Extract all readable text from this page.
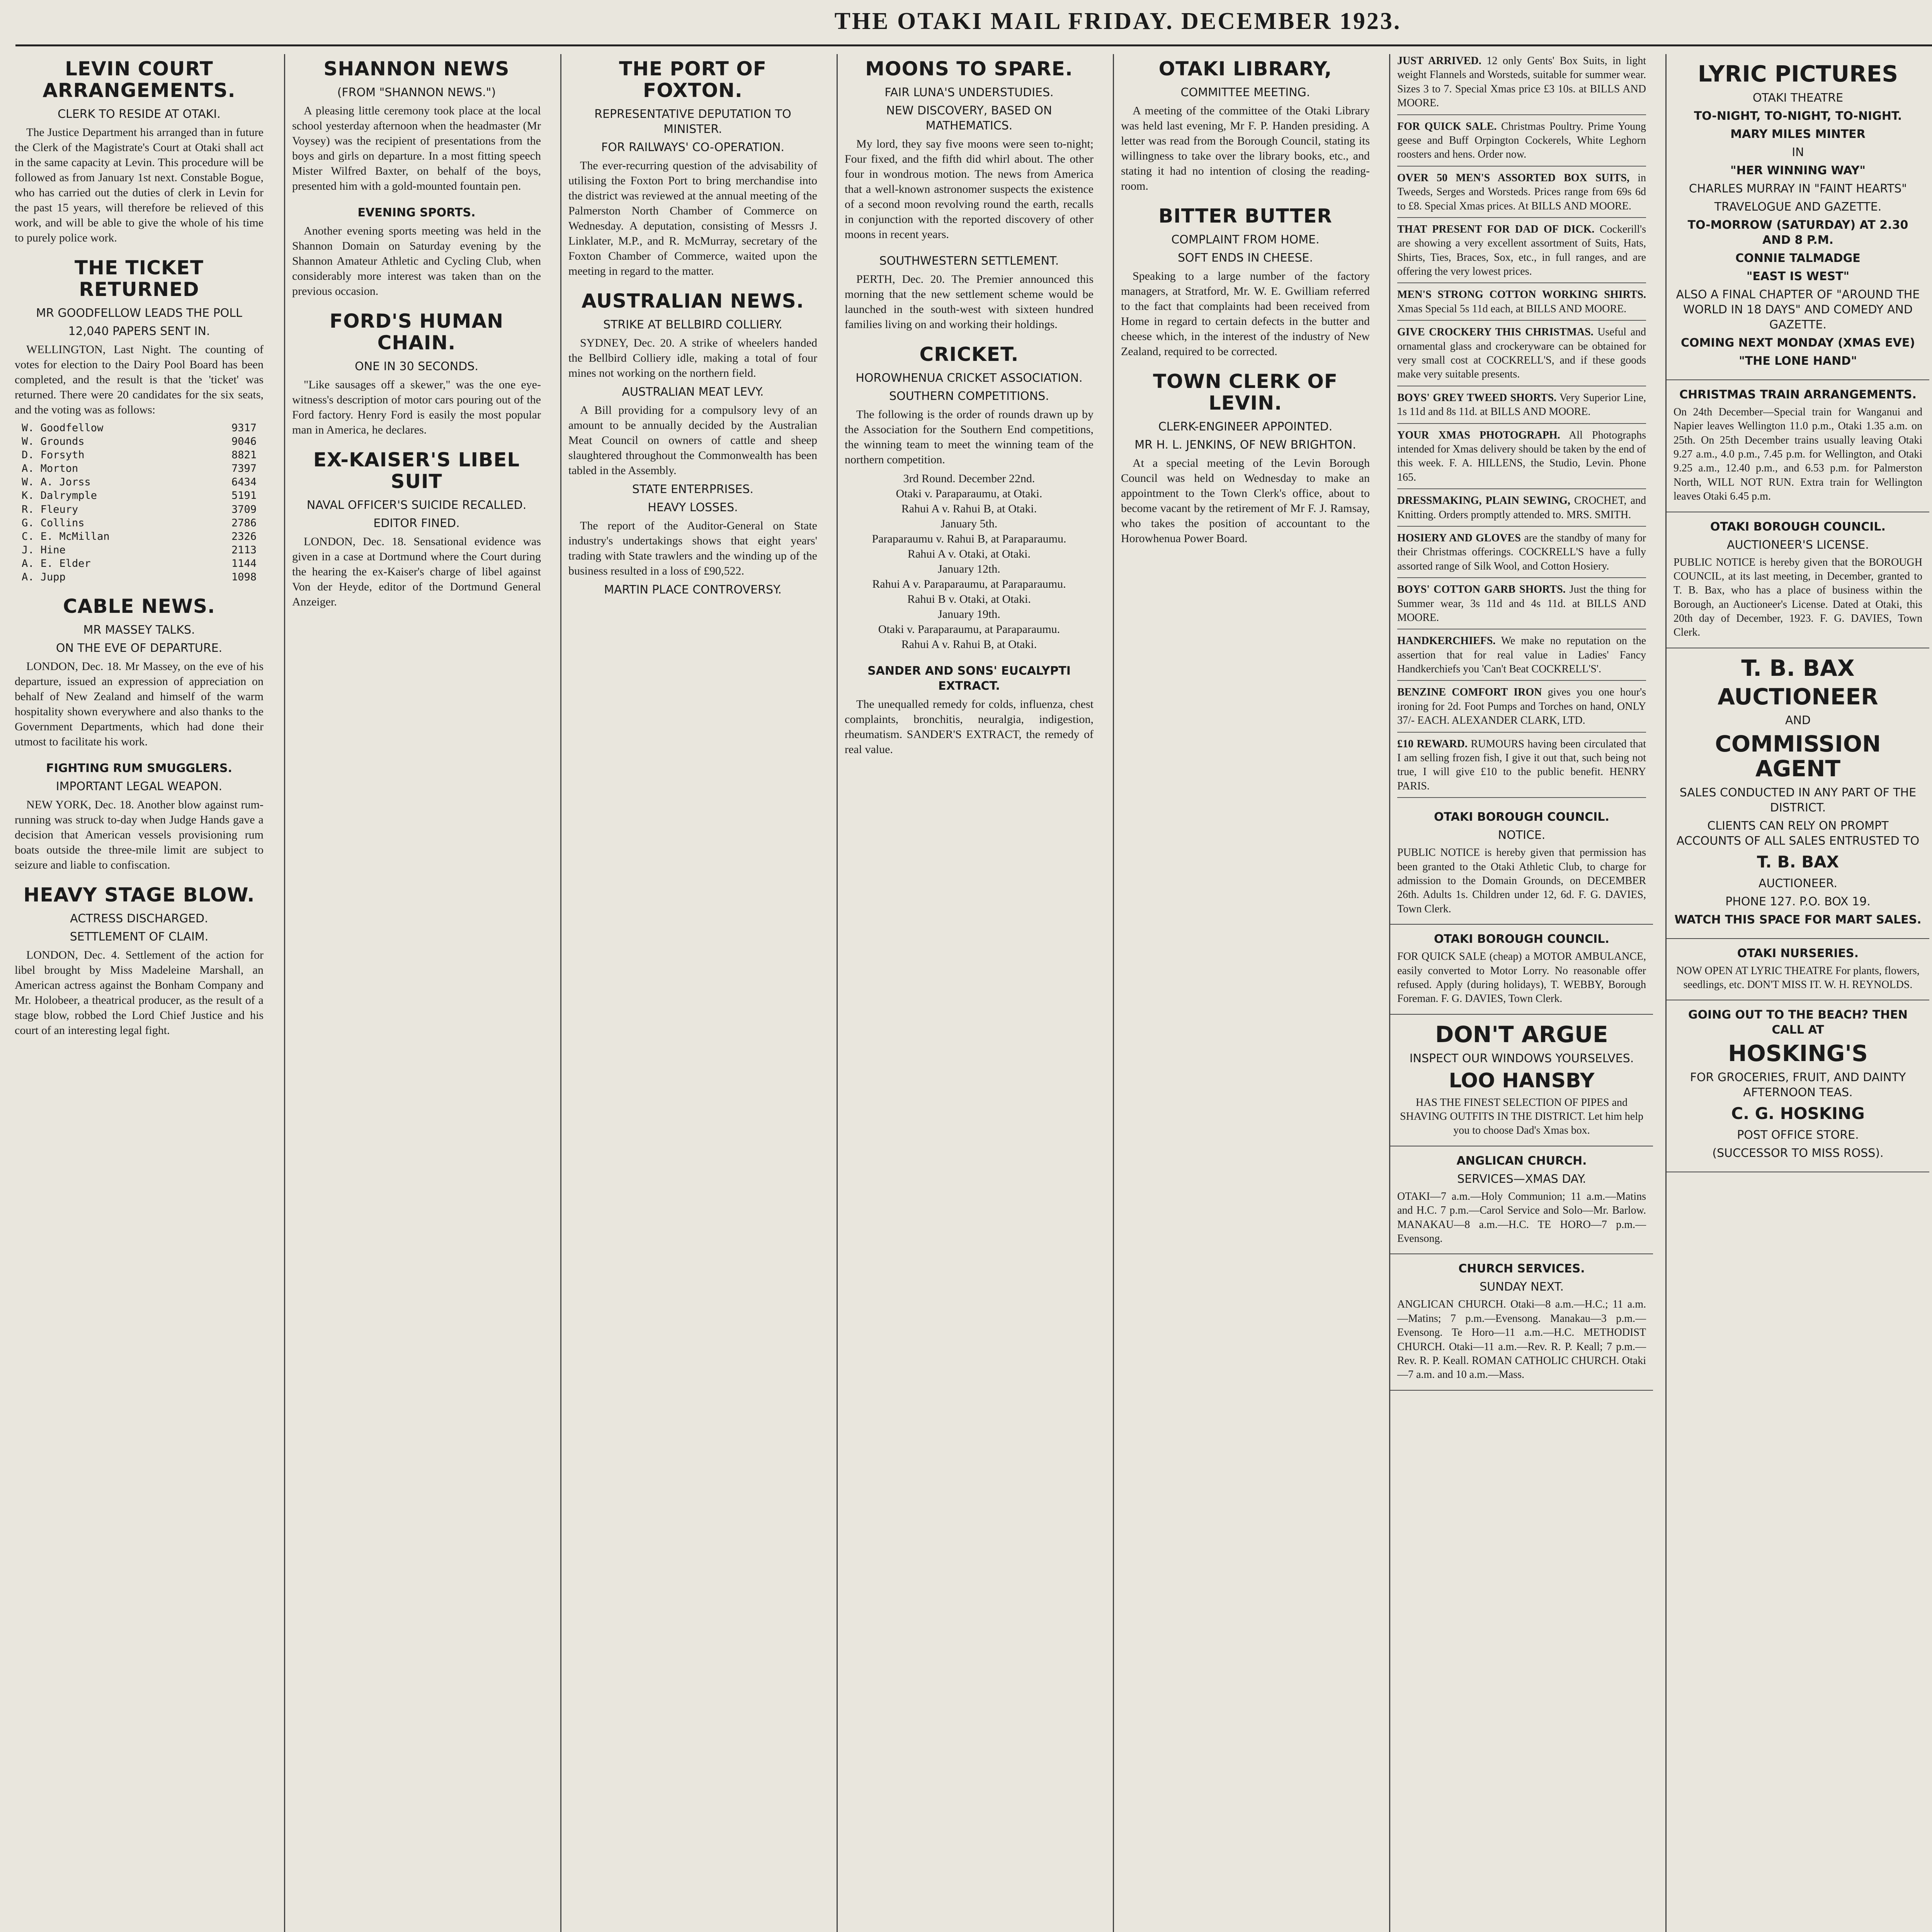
THE OTAKI MAIL FRIDAY. DECEMBER 1923.
LEVIN COURT ARRANGEMENTS.
CLERK TO RESIDE AT OTAKI.

The Justice Department his arranged than in future the Clerk of the Magistrate's Court at Otaki shall act in the same capacity at Levin. This procedure will be followed as from January 1st next. Constable Bogue, who has carried out the duties of clerk in Levin for the past 15 years, will therefore be relieved of this work, and will be able to give the whole of his time to purely police work.

THE TICKET RETURNED
MR GOODFELLOW LEADS THE POLL
12,040 PAPERS SENT IN.

WELLINGTON, Last Night. The counting of votes for election to the Dairy Pool Board has been completed, and the result is that the 'ticket' was returned. There were 20 candidates for the six seats, and the voting was as follows:

W. Goodfellow	9317
W. Grounds	9046
D. Forsyth	8821
A. Morton	7397
W. A. Jorss	6434
K. Dalrymple	5191
R. Fleury	3709
G. Collins	2786
C. E. McMillan	2326
J. Hine	2113
A. E. Elder	1144
A. Jupp	1098
CABLE NEWS.
MR MASSEY TALKS.
ON THE EVE OF DEPARTURE.

LONDON, Dec. 18. Mr Massey, on the eve of his departure, issued an expression of appreciation on behalf of New Zealand and himself of the warm hospitality shown everywhere and also thanks to the Government Departments, which had done their utmost to facilitate his work.

FIGHTING RUM SMUGGLERS.
IMPORTANT LEGAL WEAPON.

NEW YORK, Dec. 18. Another blow against rum-running was struck to-day when Judge Hands gave a decision that American vessels provisioning rum boats outside the three-mile limit are subject to seizure and liable to confiscation.

HEAVY STAGE BLOW.
ACTRESS DISCHARGED.
SETTLEMENT OF CLAIM.

LONDON, Dec. 4. Settlement of the action for libel brought by Miss Madeleine Marshall, an American actress against the Bonham Company and Mr. Holobeer, a theatrical producer, as the result of a stage blow, robbed the Lord Chief Justice and his court of an interesting legal fight.

SHANNON NEWS
(FROM "SHANNON NEWS.")

A pleasing little ceremony took place at the local school yesterday afternoon when the headmaster (Mr Voysey) was the recipient of presentations from the boys and girls on departure. In a most fitting speech Mister Wilfred Baxter, on behalf of the boys, presented him with a gold-mounted fountain pen.

EVENING SPORTS.

Another evening sports meeting was held in the Shannon Domain on Saturday evening by the Shannon Amateur Athletic and Cycling Club, when considerably more interest was taken than on the previous occasion.

FORD'S HUMAN CHAIN.
ONE IN 30 SECONDS.

"Like sausages off a skewer," was the one eye-witness's description of motor cars pouring out of the Ford factory. Henry Ford is easily the most popular man in America, he declares.

EX-KAISER'S LIBEL SUIT
NAVAL OFFICER'S SUICIDE RECALLED.
EDITOR FINED.

LONDON, Dec. 18. Sensational evidence was given in a case at Dortmund where the Court during the hearing the ex-Kaiser's charge of libel against Von der Heyde, editor of the Dortmund General Anzeiger.

THE PORT OF FOXTON.
REPRESENTATIVE DEPUTATION TO MINISTER.
FOR RAILWAYS' CO-OPERATION.

The ever-recurring question of the advisability of utilising the Foxton Port to bring merchandise into the district was reviewed at the annual meeting of the Palmerston North Chamber of Commerce on Wednesday. A deputation, consisting of Messrs J. Linklater, M.P., and R. McMurray, secretary of the Foxton Chamber of Commerce, waited upon the meeting in regard to the matter.

AUSTRALIAN NEWS.
STRIKE AT BELLBIRD COLLIERY.

SYDNEY, Dec. 20. A strike of wheelers handed the Bellbird Colliery idle, making a total of four mines not working on the northern field.

AUSTRALIAN MEAT LEVY.

A Bill providing for a compulsory levy of an amount to be annually decided by the Australian Meat Council on owners of cattle and sheep slaughtered throughout the Commonwealth has been tabled in the Assembly.

STATE ENTERPRISES.
HEAVY LOSSES.

The report of the Auditor-General on State industry's undertakings shows that eight years' trading with State trawlers and the winding up of the business resulted in a loss of £90,522.

MARTIN PLACE CONTROVERSY.
MOONS TO SPARE.
FAIR LUNA'S UNDERSTUDIES.
NEW DISCOVERY, BASED ON MATHEMATICS.

My lord, they say five moons were seen to-night; Four fixed, and the fifth did whirl about. The other four in wondrous motion. The news from America that a well-known astronomer suspects the existence of a second moon revolving round the earth, recalls in conjunction with the reported discovery of other moons in recent years.

SOUTHWESTERN SETTLEMENT.

PERTH, Dec. 20. The Premier announced this morning that the new settlement scheme would be launched in the south-west with sixteen hundred families living on and working their holdings.

CRICKET.
HOROWHENUA CRICKET ASSOCIATION.
SOUTHERN COMPETITIONS.

The following is the order of rounds drawn up by the Association for the Southern End competitions, the winning team to meet the winning team of the northern competition.

3rd Round. December 22nd.
Otaki v. Paraparaumu, at Otaki.
Rahui A v. Rahui B, at Otaki.
January 5th.
Paraparaumu v. Rahui B, at Paraparaumu.
Rahui A v. Otaki, at Otaki.
January 12th.
Rahui A v. Paraparaumu, at Paraparaumu.
Rahui B v. Otaki, at Otaki.
January 19th.
Otaki v. Paraparaumu, at Paraparaumu.
Rahui A v. Rahui B, at Otaki.
SANDER AND SONS' EUCALYPTI EXTRACT.

The unequalled remedy for colds, influenza, chest complaints, bronchitis, neuralgia, indigestion, rheumatism. SANDER'S EXTRACT, the remedy of real value.

OTAKI LIBRARY,
COMMITTEE MEETING.

A meeting of the committee of the Otaki Library was held last evening, Mr F. P. Handen presiding. A letter was read from the Borough Council, stating its willingness to take over the library books, etc., and stating it had no intention of closing the reading-room.

BITTER BUTTER
COMPLAINT FROM HOME.
SOFT ENDS IN CHEESE.

Speaking to a large number of the factory managers, at Stratford, Mr. W. E. Gwilliam referred to the fact that complaints had been received from Home in regard to certain defects in the butter and cheese which, in the interest of the industry of New Zealand, required to be corrected.

TOWN CLERK OF LEVIN.
CLERK-ENGINEER APPOINTED.
MR H. L. JENKINS, OF NEW BRIGHTON.

At a special meeting of the Levin Borough Council was held on Wednesday to make an appointment to the Town Clerk's office, about to become vacant by the retirement of Mr F. J. Ramsay, who takes the position of accountant to the Horowhenua Power Board.

JUST ARRIVED. 12 only Gents' Box Suits, in light weight Flannels and Worsteds, suitable for summer wear. Sizes 3 to 7. Special Xmas price £3 10s. at BILLS AND MOORE.

FOR QUICK SALE. Christmas Poultry. Prime Young geese and Buff Orpington Cockerels, White Leghorn roosters and hens. Order now.

OVER 50 MEN'S ASSORTED BOX SUITS, in Tweeds, Serges and Worsteds. Prices range from 69s 6d to £8. Special Xmas prices. At BILLS AND MOORE.

THAT PRESENT FOR DAD OF DICK. Cockerill's are showing a very excellent assortment of Suits, Hats, Shirts, Ties, Braces, Sox, etc., in full ranges, and are offering the very lowest prices.

MEN'S STRONG COTTON WORKING SHIRTS. Xmas Special 5s 11d each, at BILLS AND MOORE.

GIVE CROCKERY THIS CHRISTMAS. Useful and ornamental glass and crockeryware can be obtained for very small cost at COCKRELL'S, and if these goods make very suitable presents.

BOYS' GREY TWEED SHORTS. Very Superior Line, 1s 11d and 8s 11d. at BILLS AND MOORE.

YOUR XMAS PHOTOGRAPH. All Photographs intended for Xmas delivery should be taken by the end of this week. F. A. HILLENS, the Studio, Levin. Phone 165.

DRESSMAKING, PLAIN SEWING, CROCHET, and Knitting. Orders promptly attended to. MRS. SMITH.

HOSIERY AND GLOVES are the standby of many for their Christmas offerings. COCKRELL'S have a fully assorted range of Silk Wool, and Cotton Hosiery.

BOYS' COTTON GARB SHORTS. Just the thing for Summer wear, 3s 11d and 4s 11d. at BILLS AND MOORE.

HANDKERCHIEFS. We make no reputation on the assertion that for real value in Ladies' Fancy Handkerchiefs you 'Can't Beat COCKRELL'S'.

BENZINE COMFORT IRON gives you one hour's ironing for 2d. Foot Pumps and Torches on hand, ONLY 37/- EACH. ALEXANDER CLARK, LTD.

£10 REWARD. RUMOURS having been circulated that I am selling frozen fish, I give it out that, such being not true, I will give £10 to the public benefit. HENRY PARIS.

OTAKI BOROUGH COUNCIL.
NOTICE.
PUBLIC NOTICE is hereby given that permission has been granted to the Otaki Athletic Club, to charge for admission to the Domain Grounds, on DECEMBER 26th. Adults 1s. Children under 12, 6d. F. G. DAVIES, Town Clerk.
OTAKI BOROUGH COUNCIL.
FOR QUICK SALE (cheap) a MOTOR AMBULANCE, easily converted to Motor Lorry. No reasonable offer refused. Apply (during holidays), T. WEBBY, Borough Foreman. F. G. DAVIES, Town Clerk.
DON'T ARGUE
INSPECT OUR WINDOWS YOURSELVES.
LOO HANSBY
HAS THE FINEST SELECTION OF PIPES and SHAVING OUTFITS IN THE DISTRICT. Let him help you to choose Dad's Xmas box.
ANGLICAN CHURCH.
SERVICES—XMAS DAY.
OTAKI—7 a.m.—Holy Communion; 11 a.m.—Matins and H.C. 7 p.m.—Carol Service and Solo—Mr. Barlow. MANAKAU—8 a.m.—H.C. TE HORO—7 p.m.—Evensong.
CHURCH SERVICES.
SUNDAY NEXT.
ANGLICAN CHURCH. Otaki—8 a.m.—H.C.; 11 a.m.—Matins; 7 p.m.—Evensong. Manakau—3 p.m.—Evensong. Te Horo—11 a.m.—H.C. METHODIST CHURCH. Otaki—11 a.m.—Rev. R. P. Keall; 7 p.m.—Rev. R. P. Keall. ROMAN CATHOLIC CHURCH. Otaki—7 a.m. and 10 a.m.—Mass.
LYRIC PICTURES
OTAKI THEATRE
TO-NIGHT, TO-NIGHT, TO-NIGHT.
MARY MILES MINTER
IN
"HER WINNING WAY"
CHARLES MURRAY IN "FAINT HEARTS"
TRAVELOGUE AND GAZETTE.
TO-MORROW (SATURDAY) AT 2.30 AND 8 P.M.
CONNIE TALMADGE
"EAST IS WEST"
ALSO A FINAL CHAPTER OF "AROUND THE WORLD IN 18 DAYS" AND COMEDY AND GAZETTE.
COMING NEXT MONDAY (XMAS EVE)
"THE LONE HAND"
CHRISTMAS TRAIN ARRANGEMENTS.
On 24th December—Special train for Wanganui and Napier leaves Wellington 11.0 p.m., Otaki 1.35 a.m. on 25th. On 25th December trains usually leaving Otaki 9.27 a.m., 4.0 p.m., 7.45 p.m. for Wellington, and Otaki 9.25 a.m., 12.40 p.m., and 6.53 p.m. for Palmerston North, WILL NOT RUN. Extra train for Wellington leaves Otaki 6.45 p.m.
OTAKI BOROUGH COUNCIL.
AUCTIONEER'S LICENSE.
PUBLIC NOTICE is hereby given that the BOROUGH COUNCIL, at its last meeting, in December, granted to T. B. Bax, who has a place of business within the Borough, an Auctioneer's License. Dated at Otaki, this 20th day of December, 1923. F. G. DAVIES, Town Clerk.
T. B. BAX
AUCTIONEER
AND
COMMISSION AGENT
SALES CONDUCTED IN ANY PART OF THE DISTRICT.
CLIENTS CAN RELY ON PROMPT ACCOUNTS OF ALL SALES ENTRUSTED TO
T. B. BAX
AUCTIONEER.
PHONE 127. P.O. BOX 19.
WATCH THIS SPACE FOR MART SALES.
OTAKI NURSERIES.
NOW OPEN AT LYRIC THEATRE For plants, flowers, seedlings, etc. DON'T MISS IT. W. H. REYNOLDS.
GOING OUT TO THE BEACH? THEN CALL AT
HOSKING'S
FOR GROCERIES, FRUIT, AND DAINTY AFTERNOON TEAS.
C. G. HOSKING
POST OFFICE STORE.
(SUCCESSOR TO MISS ROSS).
